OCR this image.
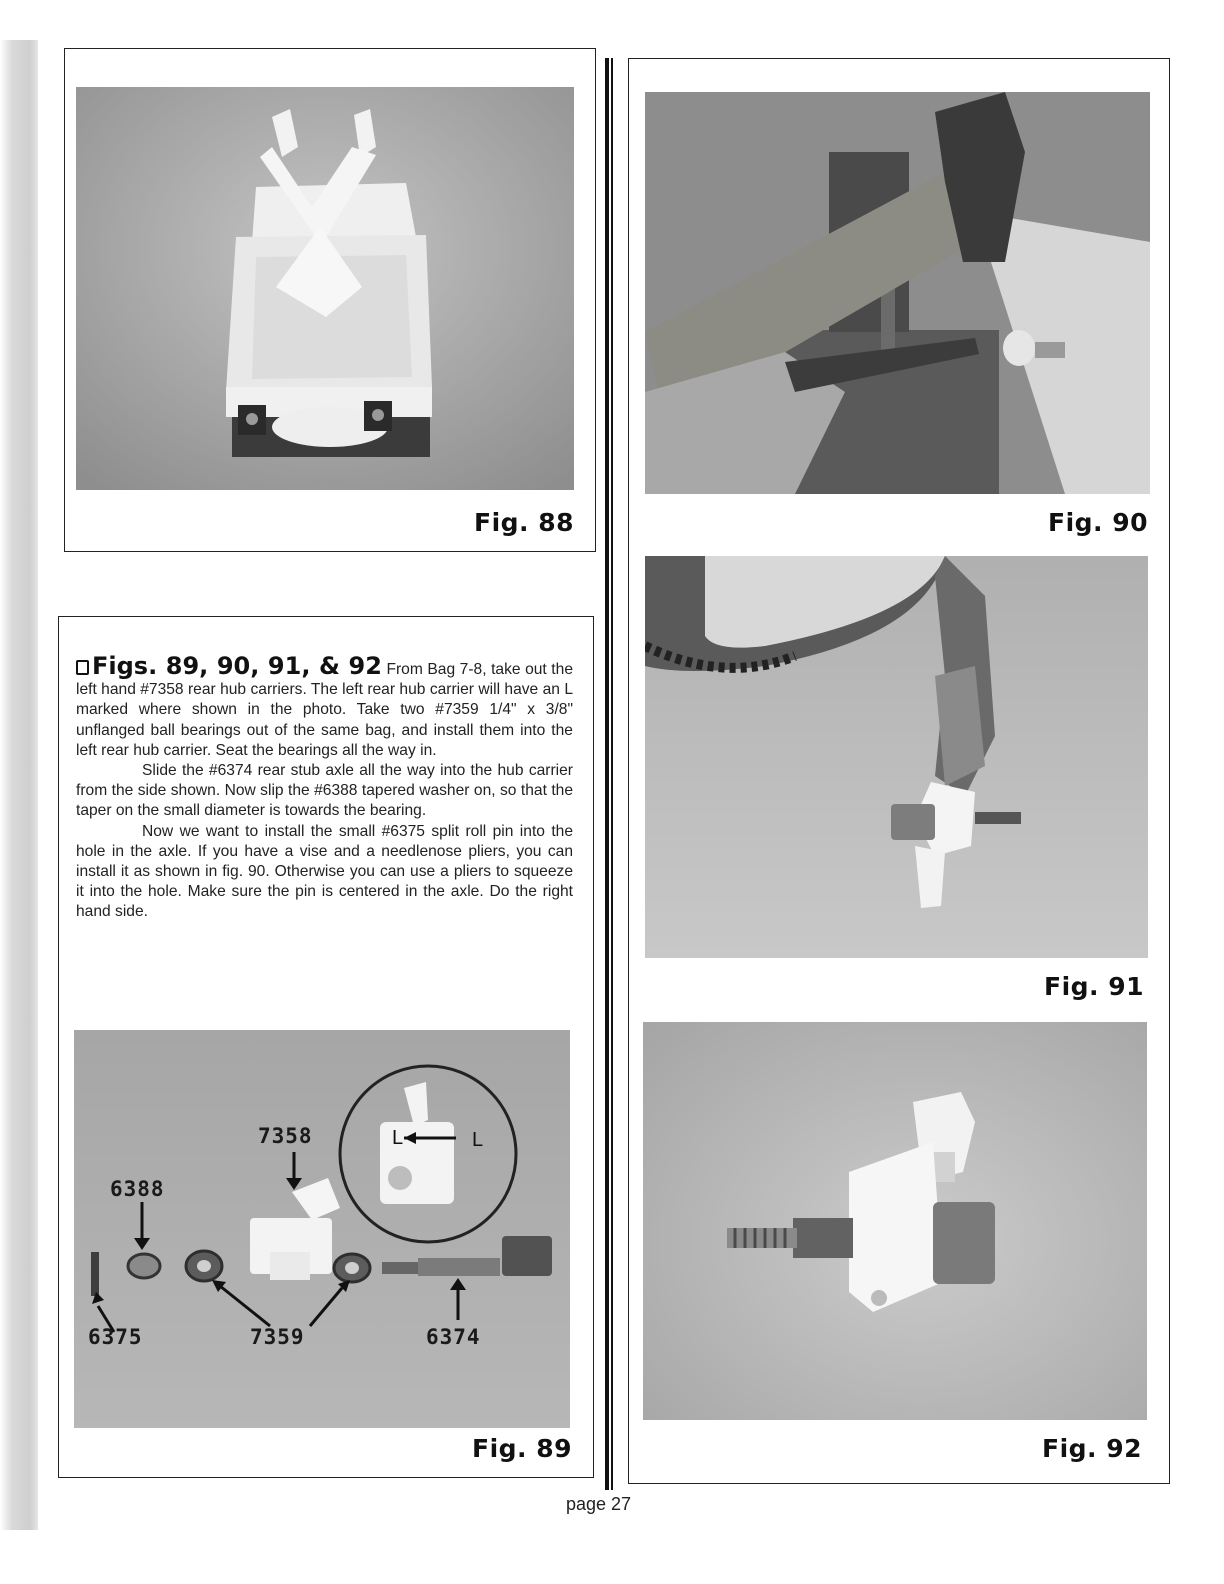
Fig. 88

Figs. 89, 90, 91, & 92 From Bag 7-8, take out the left hand #7358 rear hub carriers. The left rear hub carrier will have an L marked where shown in the photo. Take two #7359 1/4" x 3/8" unflanged ball bearings out of the same bag, and install them into the left rear hub carrier. Seat the bearings all the way in.

Slide the #6374 rear stub axle all the way into the hub carrier from the side shown. Now slip the #6388 tapered washer on, so that the taper on the small diameter is towards the bearing.

Now we want to install the small #6375 split roll pin into the hole in the axle. If you have a vise and a needlenose pliers, you can install it as shown in fig. 90. Otherwise you can use a pliers to squeeze it into the hole. Make sure the pin is centered in the axle. Do the right hand side.

L	L
7358
6388
6375	7359	6374
Fig. 89
Fig. 90
Fig. 91
Fig. 92
page 27
